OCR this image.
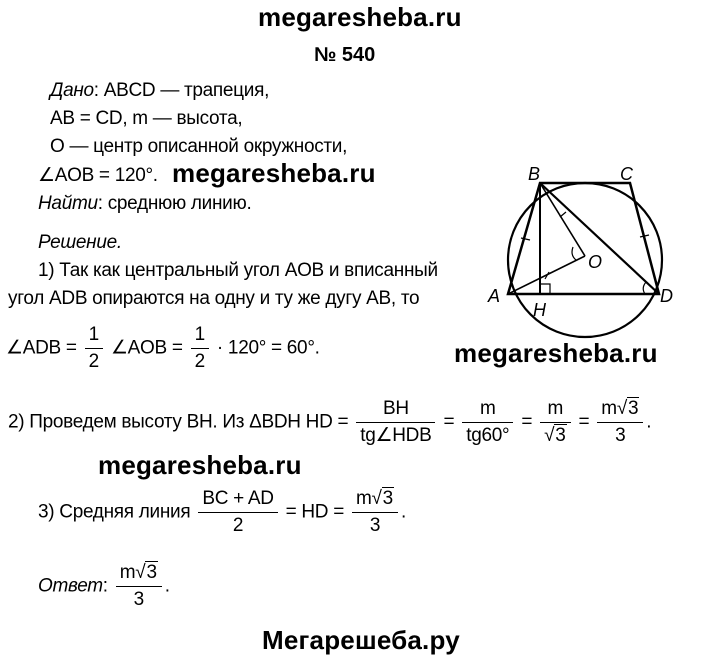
megaresheba.ru
№ 540
Дано: ABCD — трапеция,
AB = CD, m — высота,
O — центр описанной окружности,
∠AOB = 120°. megaresheba.ru
Найти: среднюю линию.
Решение.
1) Так как центральный угол AOB и вписанный
угол ADB опираются на одну и ту же дугу AB, то
∠ADB = $\frac{1}{2}$ ∠AOB = $\frac{1}{2} \cdot 120^\circ = 60^\circ$.	megaresheba.ru
2) Проведем высоту BH. Из ΔBDH HD = $\frac{BH}{\text{tg∠HDB}} = \frac{m}{tg60^\circ} = \frac{m}{√3} = \frac{m√3}{3}$ .
megaresheba.ru
3) Средняя линия $\frac{BC + AD}{2}$ = HD = $\frac{m√3}{3}$ .
Ответ: $\frac{m√3}{3}$ .
Мегарешеба.ру
B	C
O
A
H
D
